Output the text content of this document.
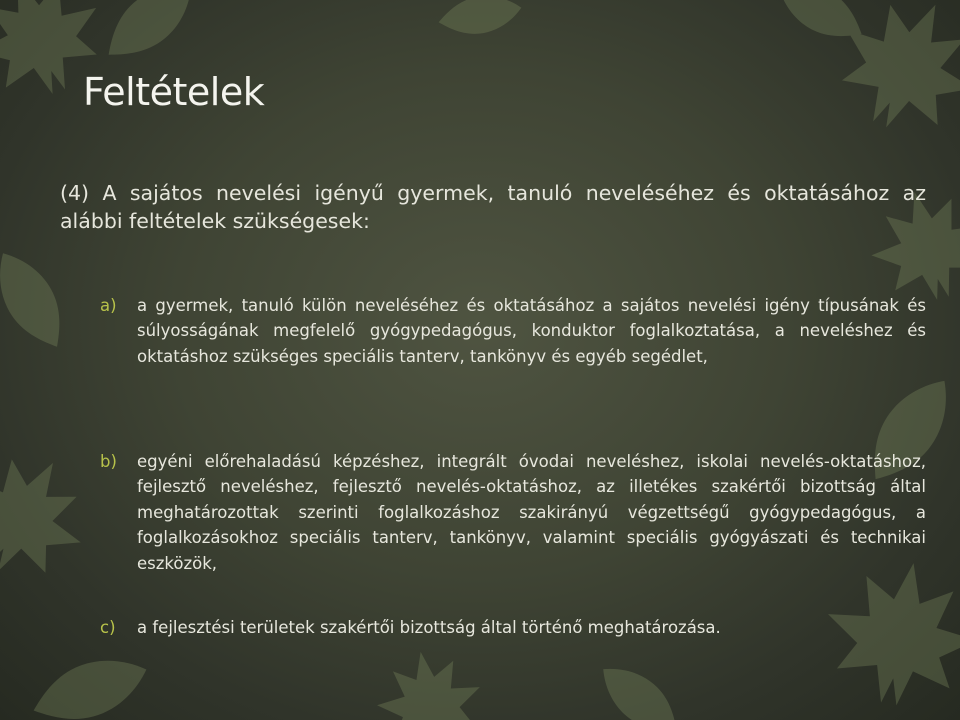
Feltételek

(4) A sajátos nevelési igényű gyermek, tanuló neveléséhez és oktatásához az alábbi feltételek szükségesek:

a)	a gyermek, tanuló külön neveléséhez és oktatásához a sajátos nevelési igény típusának és súlyosságának megfelelő gyógypedagógus, konduktor foglalkoztatása, a neveléshez és oktatáshoz szükséges speciális tanterv, tankönyv és egyéb segédlet,
b)	egyéni előrehaladású képzéshez, integrált óvodai neveléshez, iskolai nevelés-oktatáshoz, fejlesztő neveléshez, fejlesztő nevelés-oktatáshoz, az illetékes szakértői bizottság által meghatározottak szerinti foglalkozáshoz szakirányú végzettségű gyógypedagógus, a foglalkozásokhoz speciális tanterv, tankönyv, valamint speciális gyógyászati és technikai eszközök,
c)	a fejlesztési területek szakértői bizottság által történő meghatározása.
